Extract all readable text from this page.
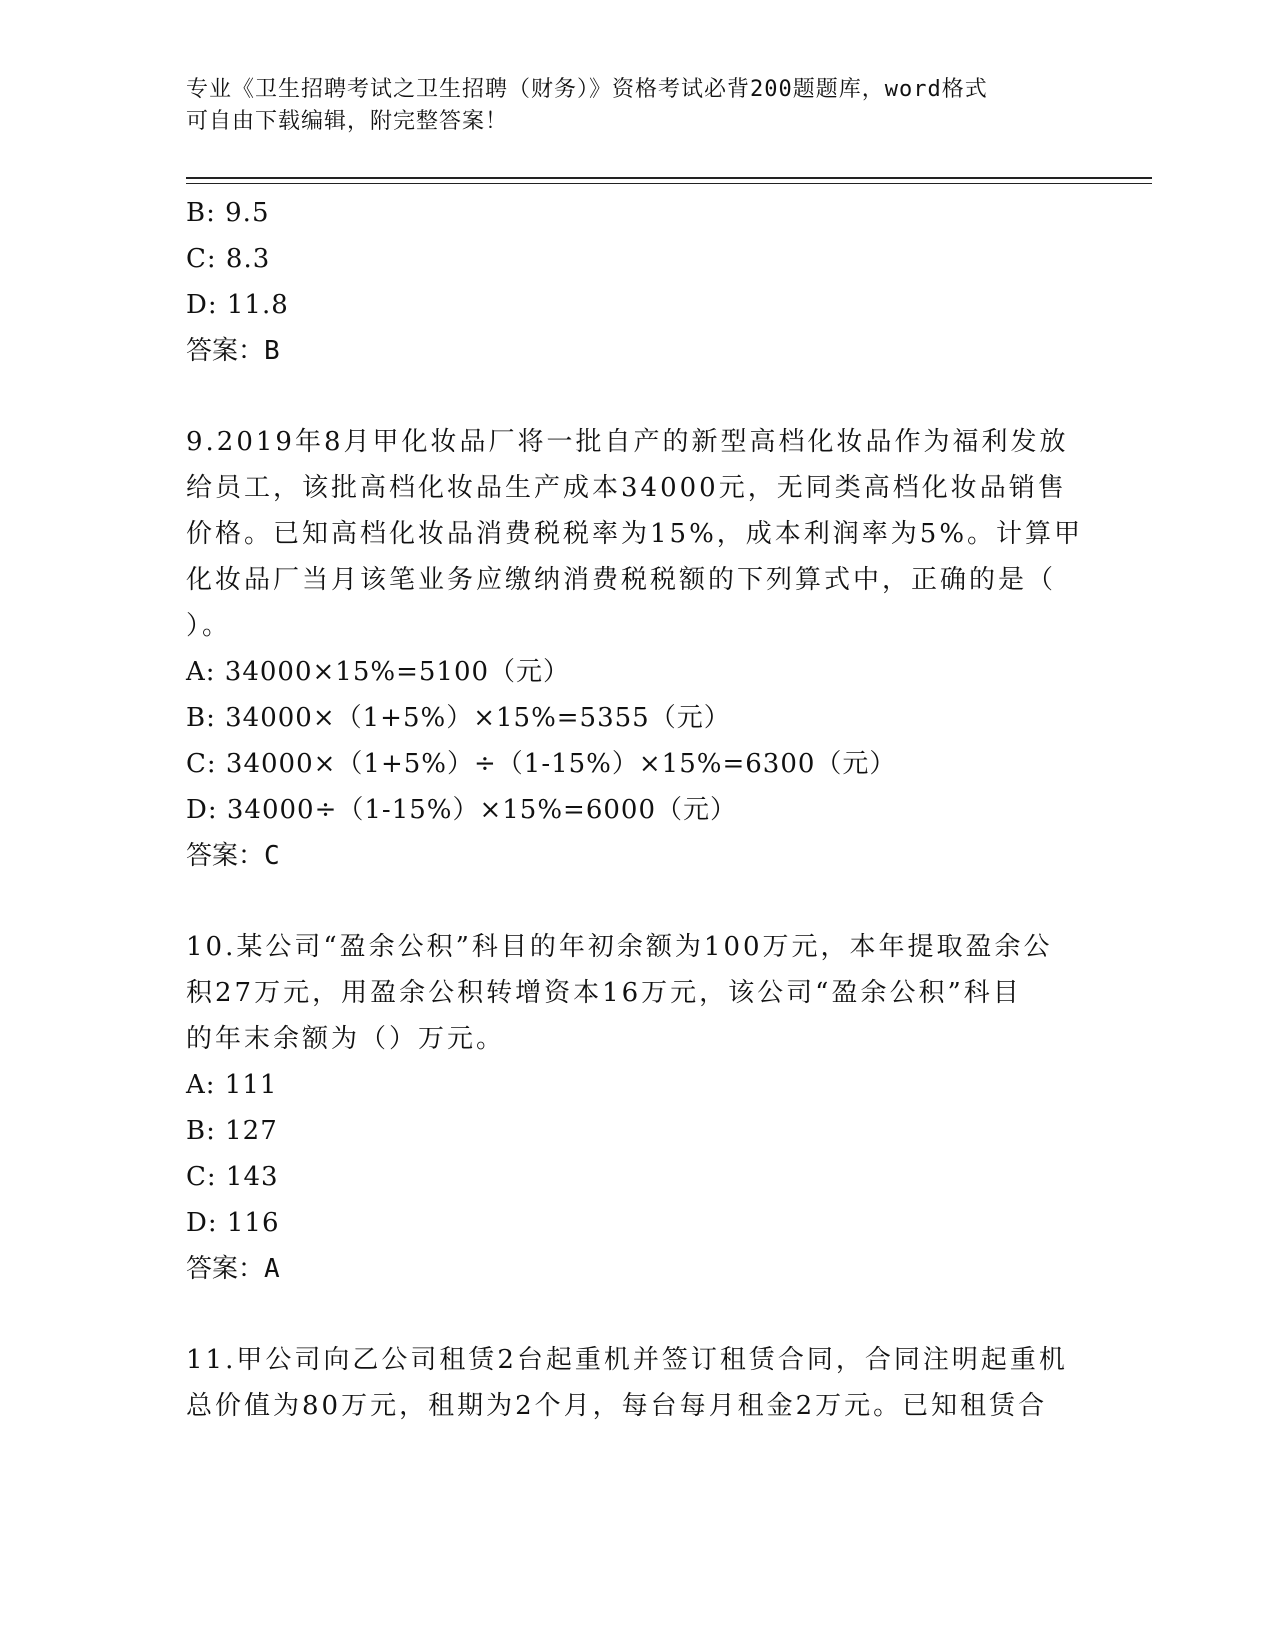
专业《卫生招聘考试之卫生招聘（财务）》资格考试必背200题题库，word格式
可自由下载编辑，附完整答案！
B: 9.5
C: 8.3
D: 11.8
答案：B
9.2019年8月甲化妆品厂将一批自产的新型高档化妆品作为福利发放
给员工，该批高档化妆品生产成本34000元，无同类高档化妆品销售
价格。已知高档化妆品消费税税率为15%，成本利润率为5%。计算甲
化妆品厂当月该笔业务应缴纳消费税税额的下列算式中，正确的是（
）。
A: 34000×15%=5100（元）
B: 34000×（1+5%）×15%=5355（元）
C: 34000×（1+5%）÷（1-15%）×15%=6300（元）
D: 34000÷（1-15%）×15%=6000（元）
答案：C
10.某公司“盈余公积”科目的年初余额为100万元，本年提取盈余公
积27万元，用盈余公积转增资本16万元，该公司“盈余公积”科目
的年末余额为（）万元。
A: 111
B: 127
C: 143
D: 116
答案：A
11.甲公司向乙公司租赁2台起重机并签订租赁合同，合同注明起重机
总价值为80万元，租期为2个月，每台每月租金2万元。已知租赁合
